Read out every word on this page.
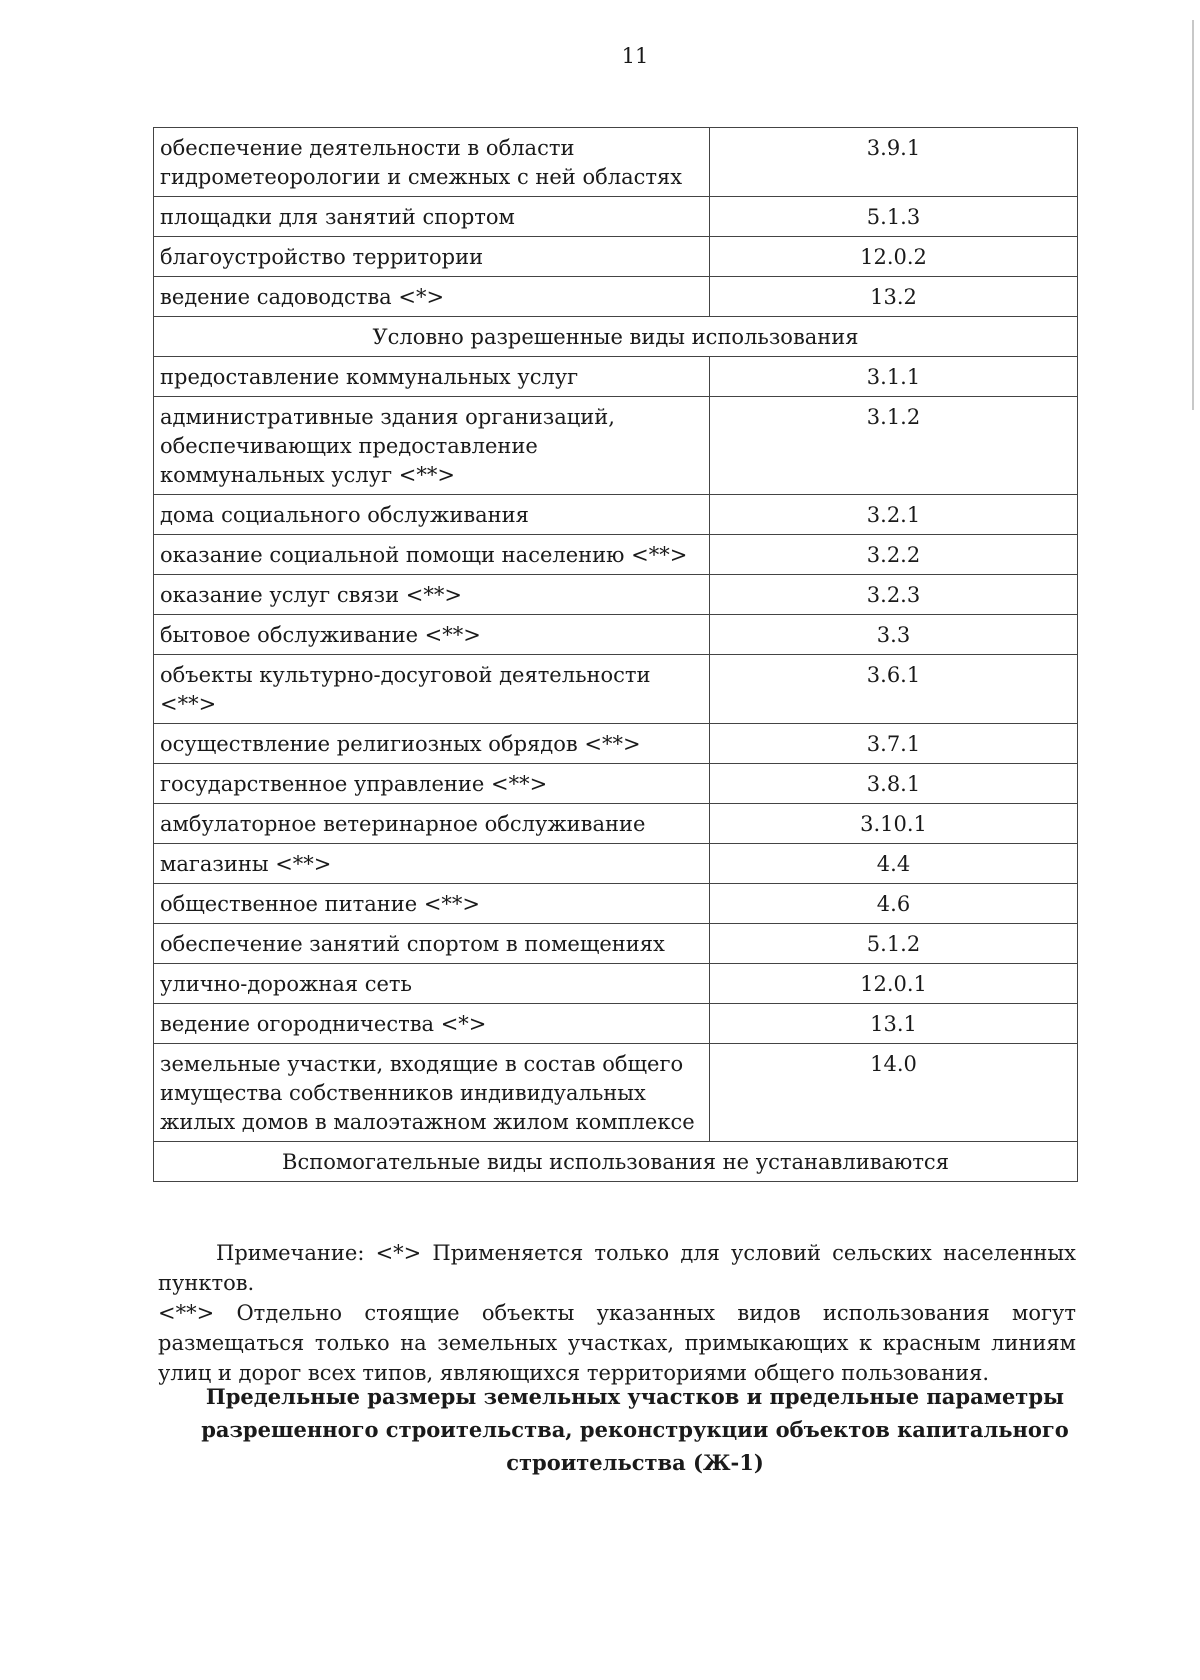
11
обеспечение деятельности в области гидрометеорологии и смежных с ней областях	3.9.1
площадки для занятий спортом	5.1.3
благоустройство территории	12.0.2
ведение садоводства <*>	13.2
Условно разрешенные виды использования	
предоставление коммунальных услуг	3.1.1
административные здания организаций, обеспечивающих предоставление коммунальных услуг <**>	3.1.2
дома социального обслуживания	3.2.1
оказание социальной помощи населению <**>	3.2.2
оказание услуг связи <**>	3.2.3
бытовое обслуживание <**>	3.3
объекты культурно-досуговой деятельности <**>	3.6.1
осуществление религиозных обрядов <**>	3.7.1
государственное управление <**>	3.8.1
амбулаторное ветеринарное обслуживание	3.10.1
магазины <**>	4.4
общественное питание <**>	4.6
обеспечение занятий спортом в помещениях	5.1.2
улично-дорожная сеть	12.0.1
ведение огородничества <*>	13.1
земельные участки, входящие в состав общего имущества собственников индивидуальных жилых домов в малоэтажном жилом комплексе	14.0
Вспомогательные виды использования не устанавливаются	

Примечание: <*> Применяется только для условий сельских населенных пунктов.

<**> Отдельно стоящие объекты указанных видов использования могут размещаться только на земельных участках, примыкающих к красным линиям улиц и дорог всех типов, являющихся территориями общего пользования.

Предельные размеры земельных участков и предельные параметры разрешенного строительства, реконструкции объектов капитального строительства (Ж-1)
